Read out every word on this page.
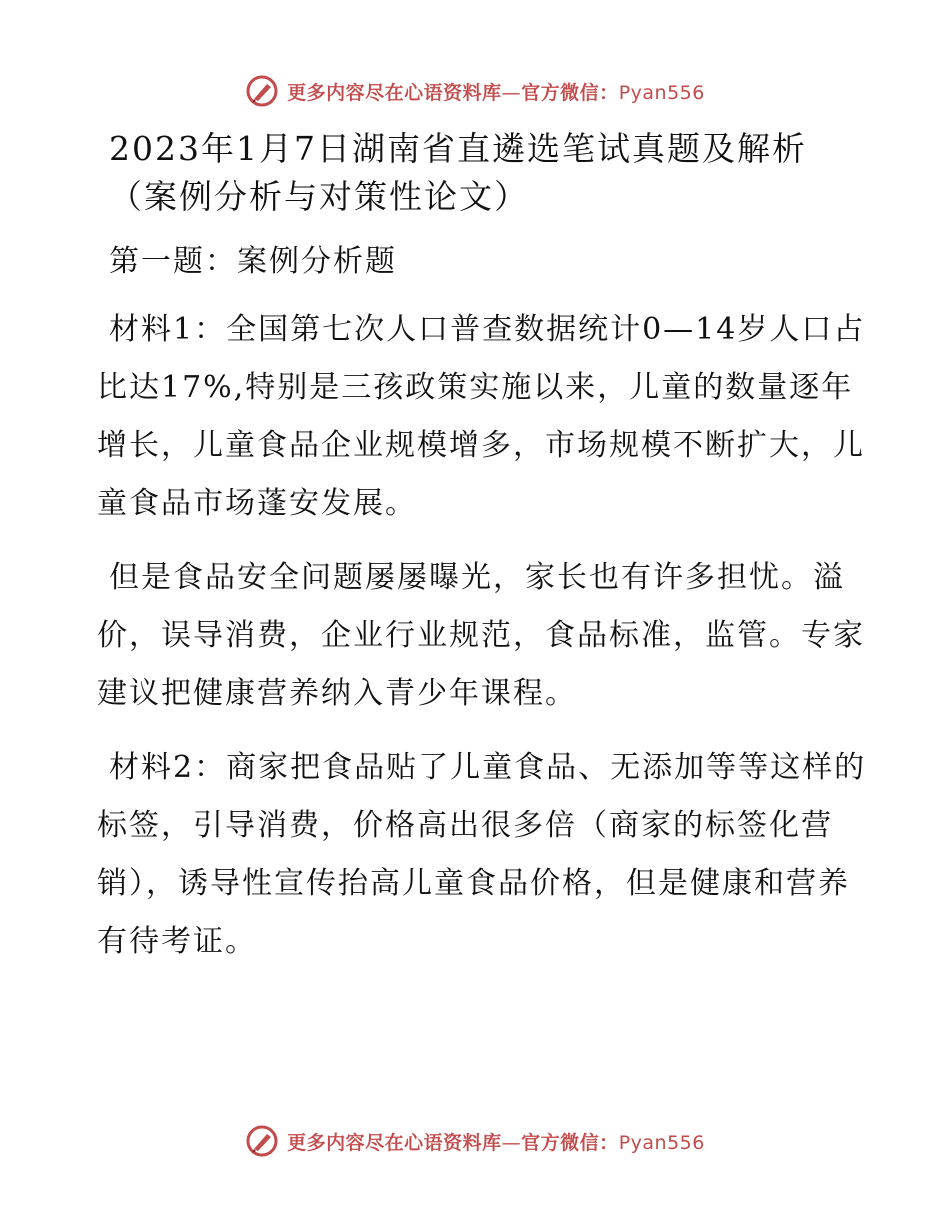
更多内容尽在心语资料库—官方微信：Pyan556

2023年1月7日湖南省直遴选笔试真题及解析

（案例分析与对策性论文）

第一题：案例分析题

材料1：全国第七次人口普查数据统计0—14岁人口占比达17%,特别是三孩政策实施以来，儿童的数量逐年增长，儿童食品企业规模增多，市场规模不断扩大，儿童食品市场蓬安发展。

但是食品安全问题屡屡曝光，家长也有许多担忧。溢价，误导消费，企业行业规范，食品标准，监管。专家建议把健康营养纳入青少年课程。

材料2：商家把食品贴了儿童食品、无添加等等这样的标签，引导消费，价格高出很多倍（商家的标签化营销），诱导性宣传抬高儿童食品价格，但是健康和营养有待考证。

更多内容尽在心语资料库—官方微信：Pyan556
